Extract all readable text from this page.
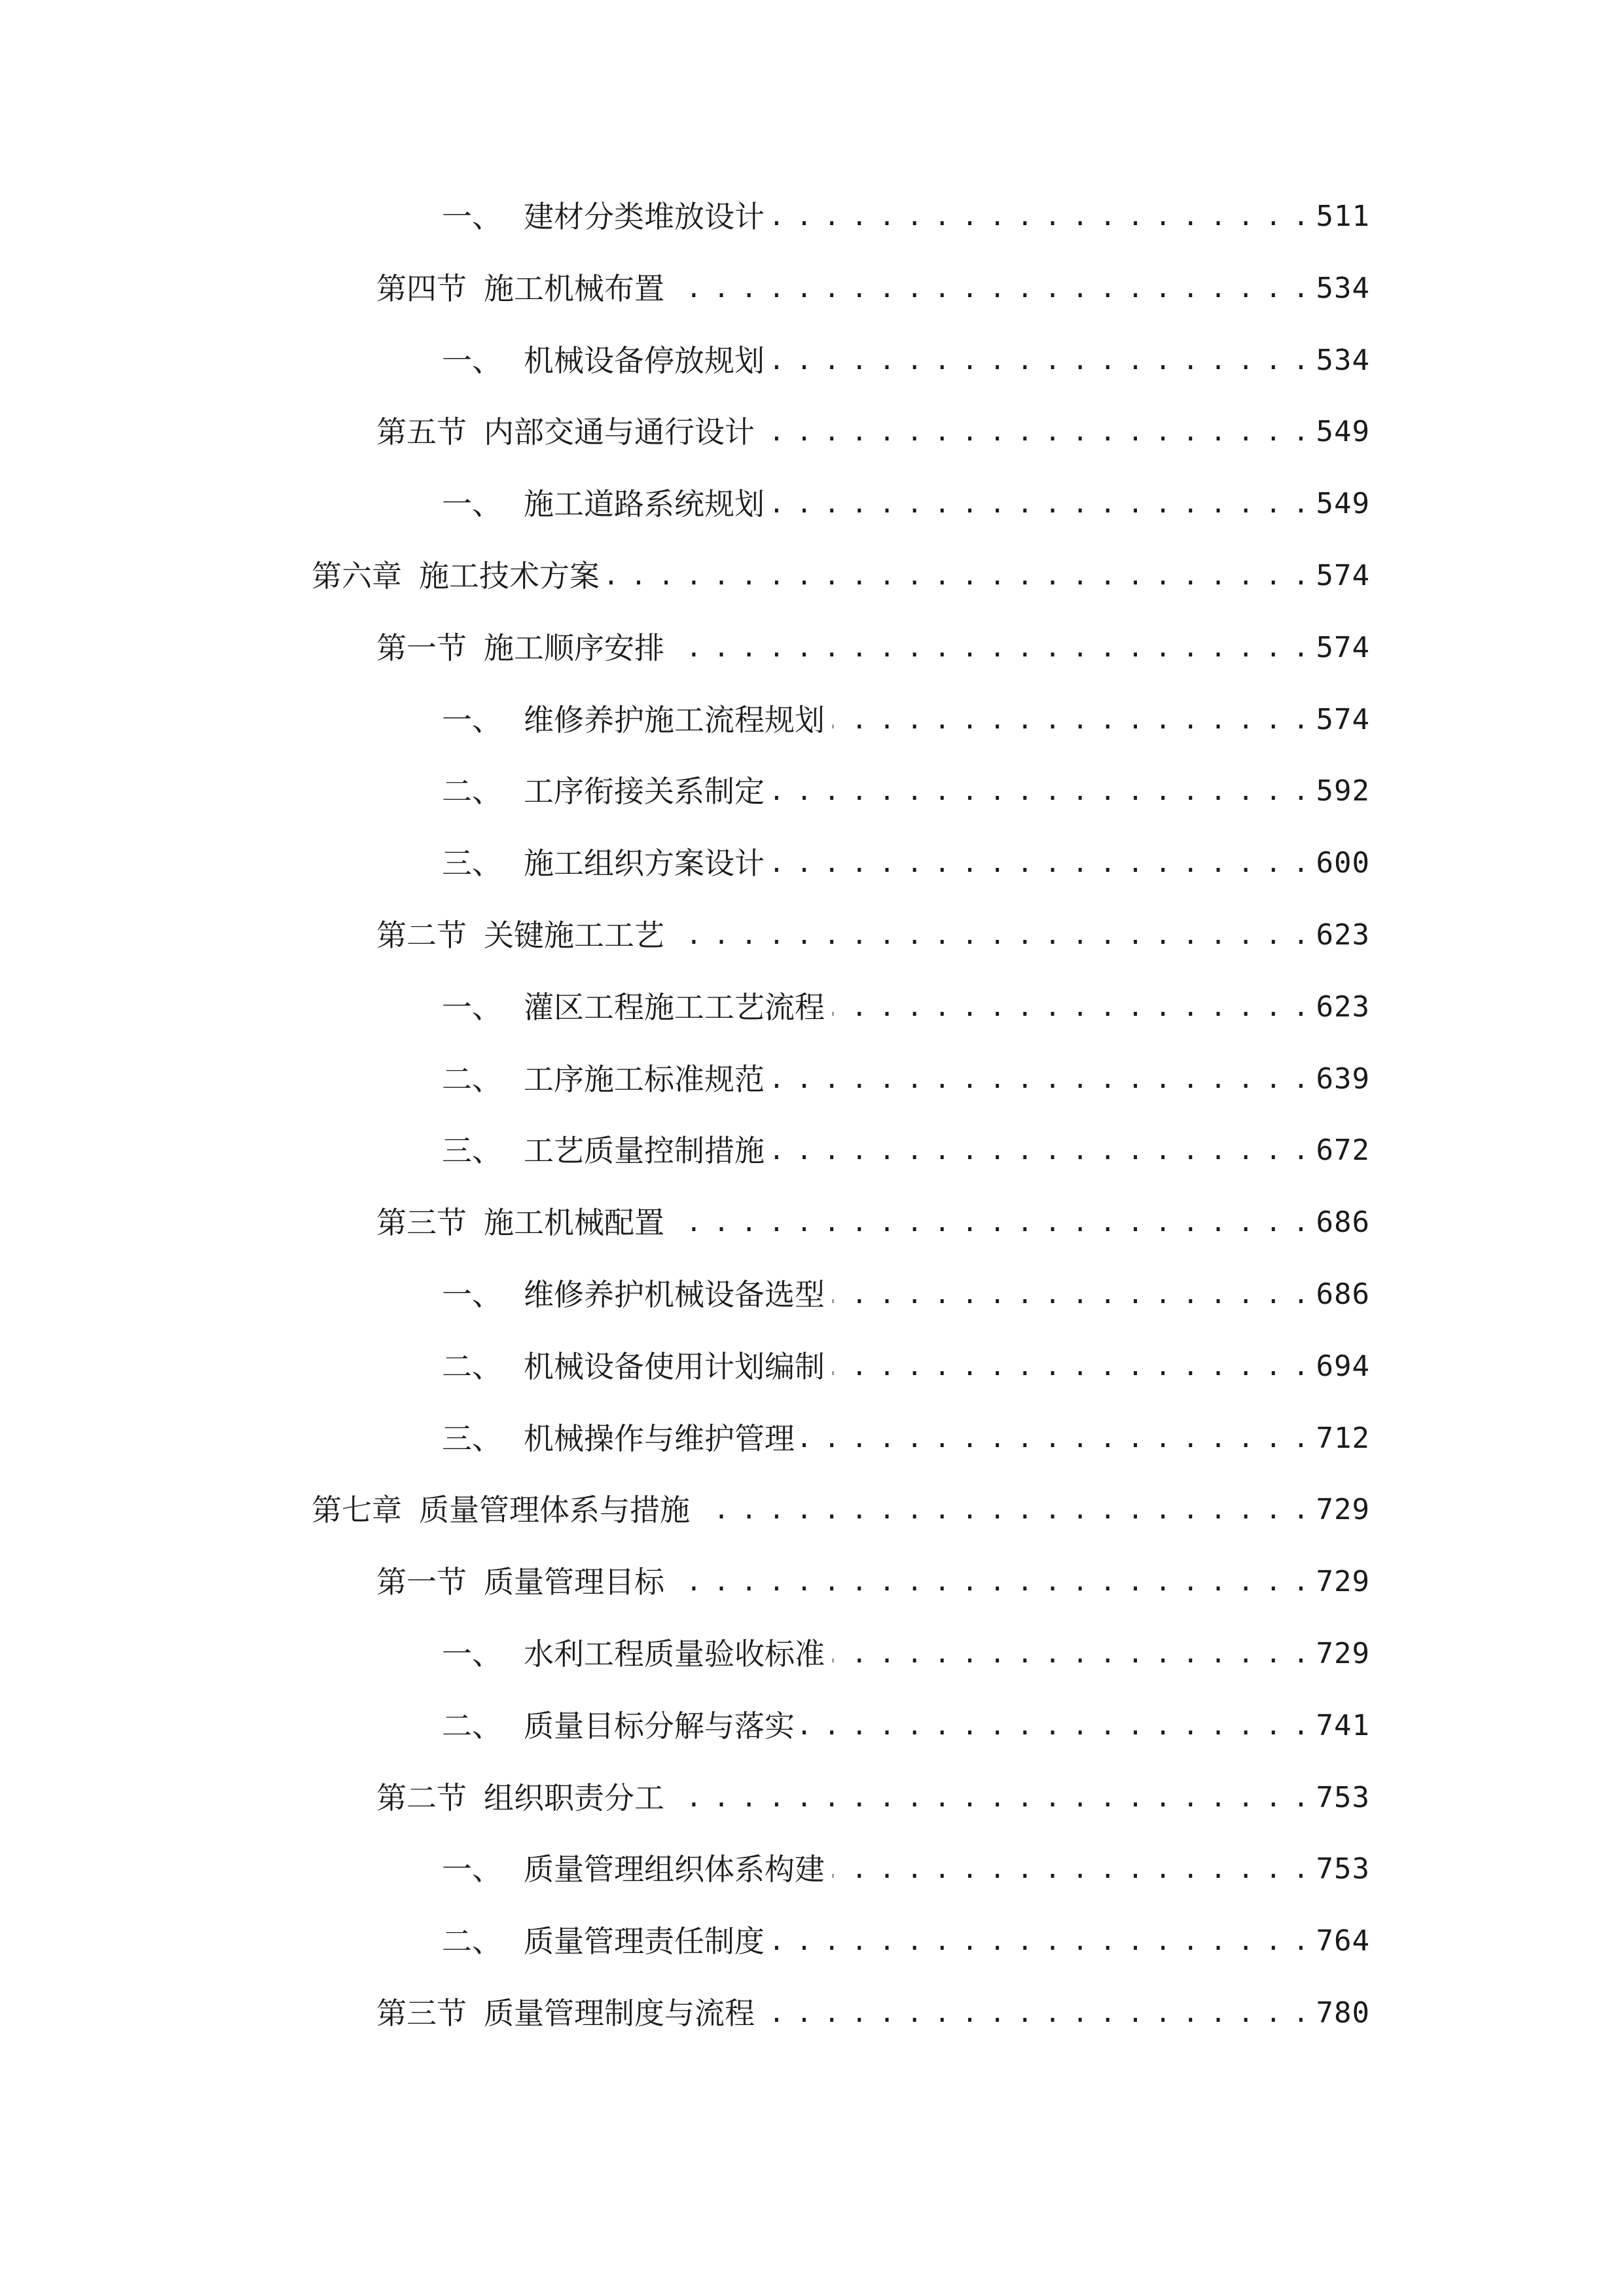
一、 建材分类堆放设计 . . .	511
第四节 施工机械布置 . . .	534
一、 机械设备停放规划 . . .	534
第五节 内部交通与通行设计 . . .	549
一、 施工道路系统规划 . . .	549
第六章 施工技术方案 . . .	574
第一节 施工顺序安排 . . .	574
一、 维修养护施工流程规划 . . .	574
二、 工序衔接关系制定 . . .	592
三、 施工组织方案设计 . . .	600
第二节 关键施工工艺 . . .	623
一、 灌区工程施工工艺流程 . . .	623
二、 工序施工标准规范 . . .	639
三、 工艺质量控制措施 . . .	672
第三节 施工机械配置 . . .	686
一、 维修养护机械设备选型 . . .	686
二、 机械设备使用计划编制 . . .	694
三、 机械操作与维护管理 . . .	712
第七章 质量管理体系与措施 . . .	729
第一节 质量管理目标 . . .	729
一、 水利工程质量验收标准 . . .	729
二、 质量目标分解与落实 . . .	741
第二节 组织职责分工 . . .	753
一、 质量管理组织体系构建 . . .	753
二、 质量管理责任制度 . . .	764
第三节 质量管理制度与流程 . . .	780
